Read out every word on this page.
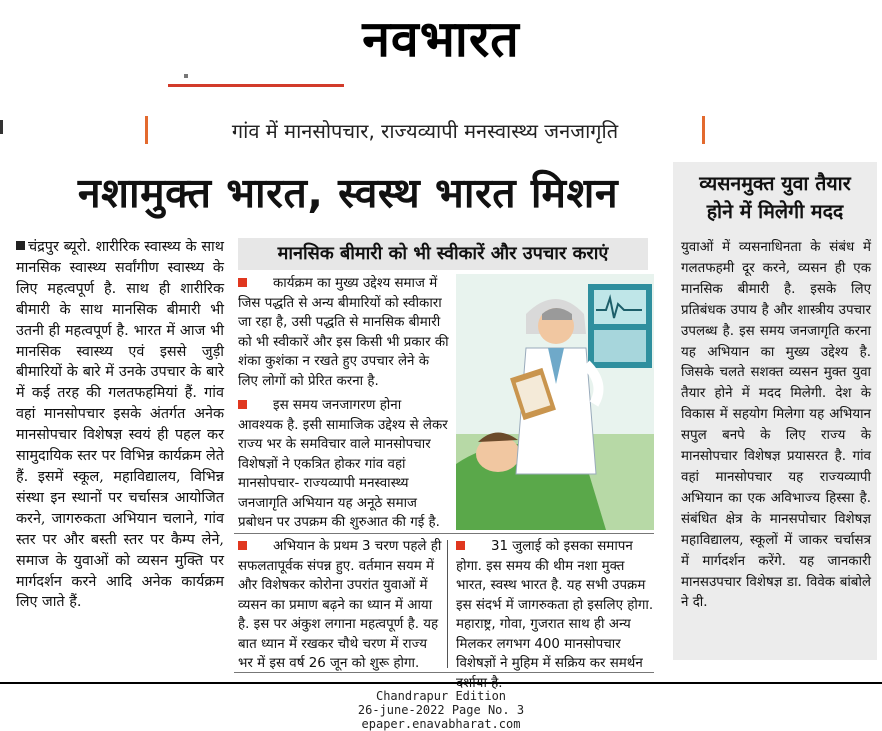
नवभारत
गांव में मानसोपचार, राज्यव्यापी मनस्वास्थ्य जनजागृति
नशामुक्त भारत, स्वस्थ भारत मिशन
चंद्रपुर ब्यूरो. शारीरिक स्वास्थ्य के साथ मानसिक स्वास्थ्य सर्वांगीण स्वास्थ्य के लिए महत्वपूर्ण है. साथ ही शारीरिक बीमारी के साथ मानसिक बीमारी भी उतनी ही महत्वपूर्ण है. भारत में आज भी मानसिक स्वास्थ्य एवं इससे जुड़ी बीमारियों के बारे में उनके उपचार के बारे में कई तरह की गलतफहमियां हैं. गांव वहां मानसोपचार इसके अंतर्गत अनेक मानसोपचार विशेषज्ञ स्वयं ही पहल कर सामुदायिक स्तर पर विभिन्न कार्यक्रम लेते हैं. इसमें स्कूल, महाविद्यालय, विभिन्न संस्था इन स्थानों पर चर्चासत्र आयोजित करने, जागरुकता अभियान चलाने, गांव स्तर पर और बस्ती स्तर पर कैम्प लेने, समाज के युवाओं को व्यसन मुक्ति पर मार्गदर्शन करने आदि अनेक कार्यक्रम लिए जाते हैं.
मानसिक बीमारी को भी स्वीकारें और उपचार कराएं
कार्यक्रम का मुख्य उद्देश्य समाज में जिस पद्धति से अन्य बीमारियों को स्वीकारा जा रहा है, उसी पद्धति से मानसिक बीमारी को भी स्वीकारें और इस किसी भी प्रकार की शंका कुशंका न रखते हुए उपचार लेने के लिए लोगों को प्रेरित करना है.
इस समय जनजागरण होना आवश्यक है. इसी सामाजिक उद्देश्य से लेकर राज्य भर के समविचार वाले मानसोपचार विशेषज्ञों ने एकत्रित होकर गांव वहां मानसोपचार- राज्यव्यापी मनस्वास्थ्य जनजागृति अभियान यह अनूठे समाज प्रबोधन पर उपक्रम की शुरुआत की गई है.
अभियान के प्रथम 3 चरण पहले ही सफलतापूर्वक संपन्न हुए. वर्तमान सयम में और विशेषकर कोरोना उपरांत युवाओं में व्यसन का प्रमाण बढ़ने का ध्यान में आया है. इस पर अंकुश लगाना महत्वपूर्ण है. यह बात ध्यान में रखकर चौथे चरण में राज्य भर में इस वर्ष 26 जून को शुरू होगा.
31 जुलाई को इसका समापन होगा. इस समय की थीम नशा मुक्त भारत, स्वस्थ भारत है. यह सभी उपक्रम इस संदर्भ में जागरुकता हो इसलिए होगा. महाराष्ट्र, गोवा, गुजरात साथ ही अन्य मिलकर लगभग 400 मानसोपचार विशेषज्ञों ने मुहिम में सक्रिय कर समर्थन
व्यसनमुक्त युवा तैयार
होने में मिलेगी मदद
युवाओं में व्यसनाधिनता के संबंध में गलतफहमी दूर करने, व्यसन ही एक मानसिक बीमारी है. इसके लिए प्रतिबंधक उपाय है और शास्त्रीय उपचार उपलब्ध है. इस समय जनजागृति करना यह अभियान का मुख्य उद्देश्य है. जिसके चलते सशक्त व्यसन मुक्त युवा तैयार होने में मदद मिलेगी. देश के विकास में सहयोग मिलेगा यह अभियान सपुल बनपे के लिए राज्य के मानसोपचार विशेषज्ञ प्रयासरत है. गांव वहां मानसोपचार यह राज्यव्यापी अभियान का एक अविभाज्य हिस्सा है. संबंधित क्षेत्र के मानसपोचार विशेषज्ञ महाविद्यालय, स्कूलों में जाकर चर्चासत्र में मार्गदर्शन करेंगे. यह जानकारी मानसउपचार विशेषज्ञ डा. विवेक बांबोले ने दी.
Chandrapur Edition
26-june-2022 Page No. 3
epaper.enavabharat.com
